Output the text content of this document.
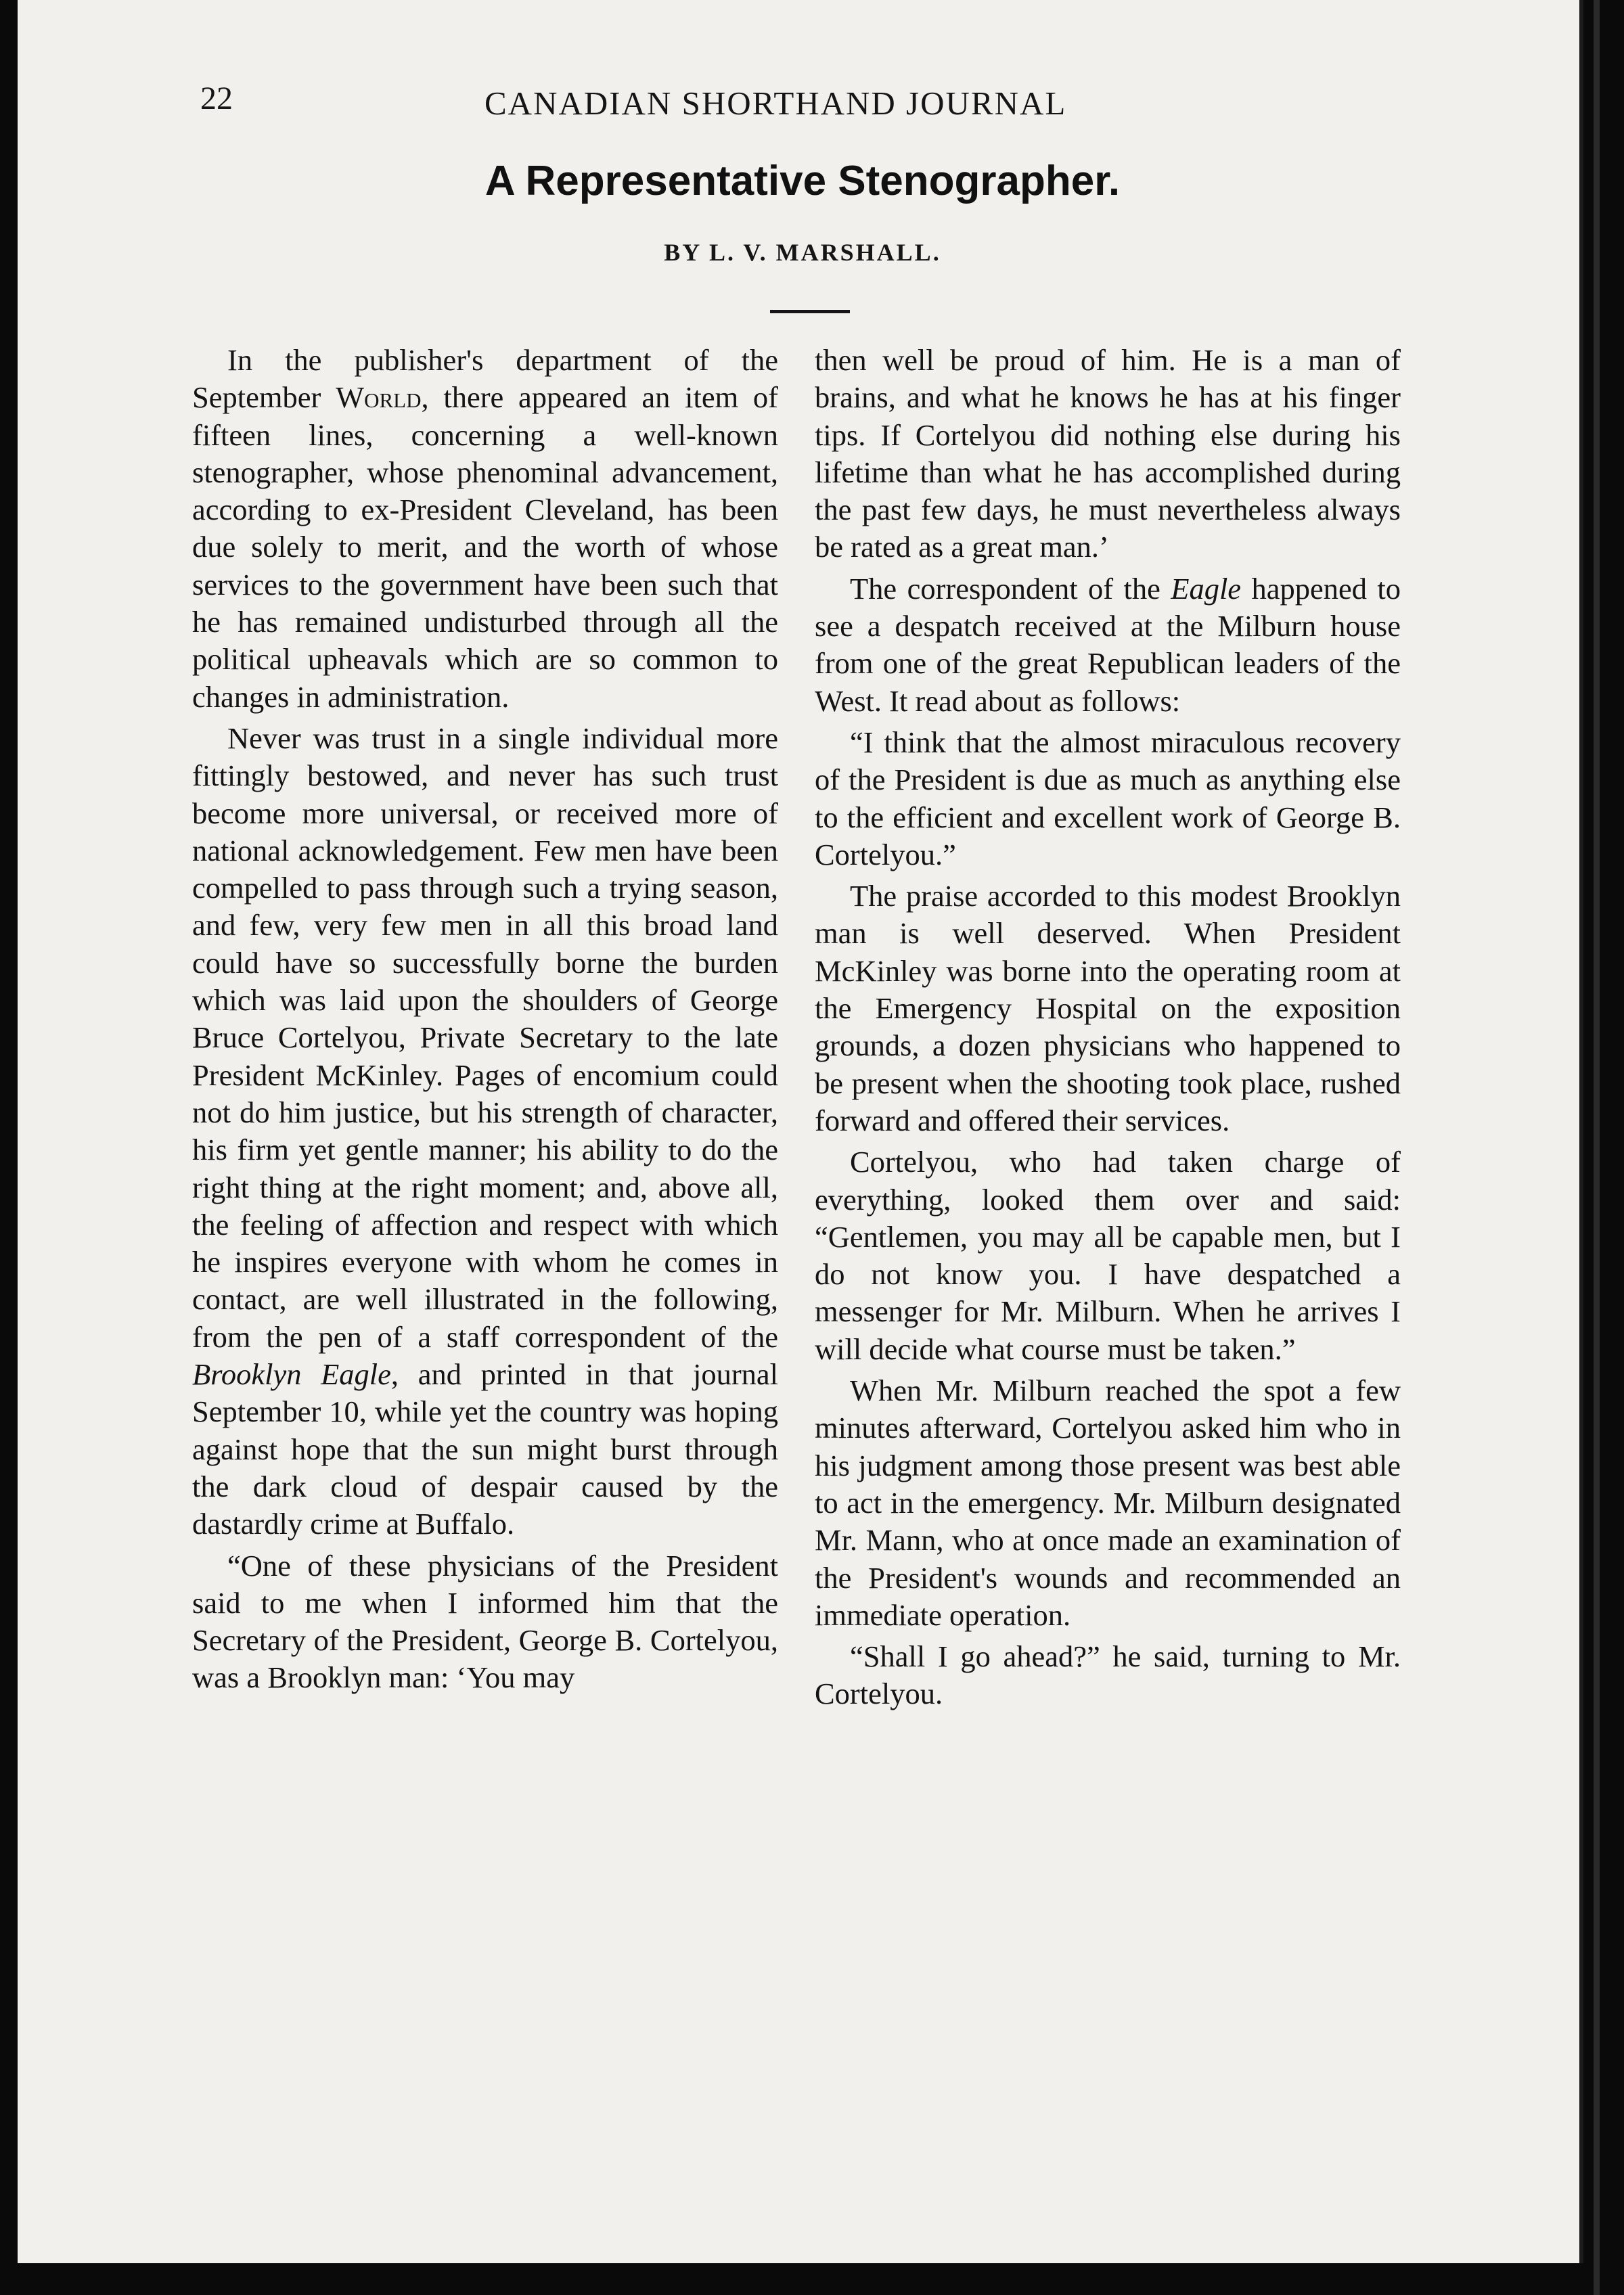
22	CANADIAN SHORTHAND JOURNAL
A Representative Stenographer.
BY L. V. MARSHALL.

In the publisher's department of the September World, there appeared an item of fifteen lines, concerning a well-known stenographer, whose phenominal advancement, according to ex-President Cleveland, has been due solely to merit, and the worth of whose services to the government have been such that he has remained undisturbed through all the political upheavals which are so common to changes in administration.

Never was trust in a single individual more fittingly bestowed, and never has such trust become more universal, or received more of national acknowledgement. Few men have been compelled to pass through such a trying season, and few, very few men in all this broad land could have so successfully borne the burden which was laid upon the shoulders of George Bruce Cortelyou, Private Secretary to the late President McKinley. Pages of encomium could not do him justice, but his strength of character, his firm yet gentle manner; his ability to do the right thing at the right moment; and, above all, the feeling of affection and respect with which he inspires everyone with whom he comes in contact, are well illustrated in the following, from the pen of a staff correspondent of the Brooklyn Eagle, and printed in that journal September 10, while yet the country was hoping against hope that the sun might burst through the dark cloud of despair caused by the dastardly crime at Buffalo.

“One of these physicians of the President said to me when I informed him that the Secretary of the President, George B. Cortelyou, was a Brooklyn man: ‘You may

then well be proud of him. He is a man of brains, and what he knows he has at his finger tips. If Cortelyou did nothing else during his lifetime than what he has accomplished during the past few days, he must nevertheless always be rated as a great man.’

The correspondent of the Eagle happened to see a despatch received at the Milburn house from one of the great Republican leaders of the West. It read about as follows:

“I think that the almost miraculous recovery of the President is due as much as anything else to the efficient and excellent work of George B. Cortelyou.”

The praise accorded to this modest Brooklyn man is well deserved. When President McKinley was borne into the operating room at the Emergency Hospital on the exposition grounds, a dozen physicians who happened to be present when the shooting took place, rushed forward and offered their services.

Cortelyou, who had taken charge of everything, looked them over and said: “Gentlemen, you may all be capable men, but I do not know you. I have despatched a messenger for Mr. Milburn. When he arrives I will decide what course must be taken.”

When Mr. Milburn reached the spot a few minutes afterward, Cortelyou asked him who in his judgment among those present was best able to act in the emergency. Mr. Milburn designated Mr. Mann, who at once made an examination of the President's wounds and recommended an immediate operation.

“Shall I go ahead?” he said, turning to Mr. Cortelyou.
